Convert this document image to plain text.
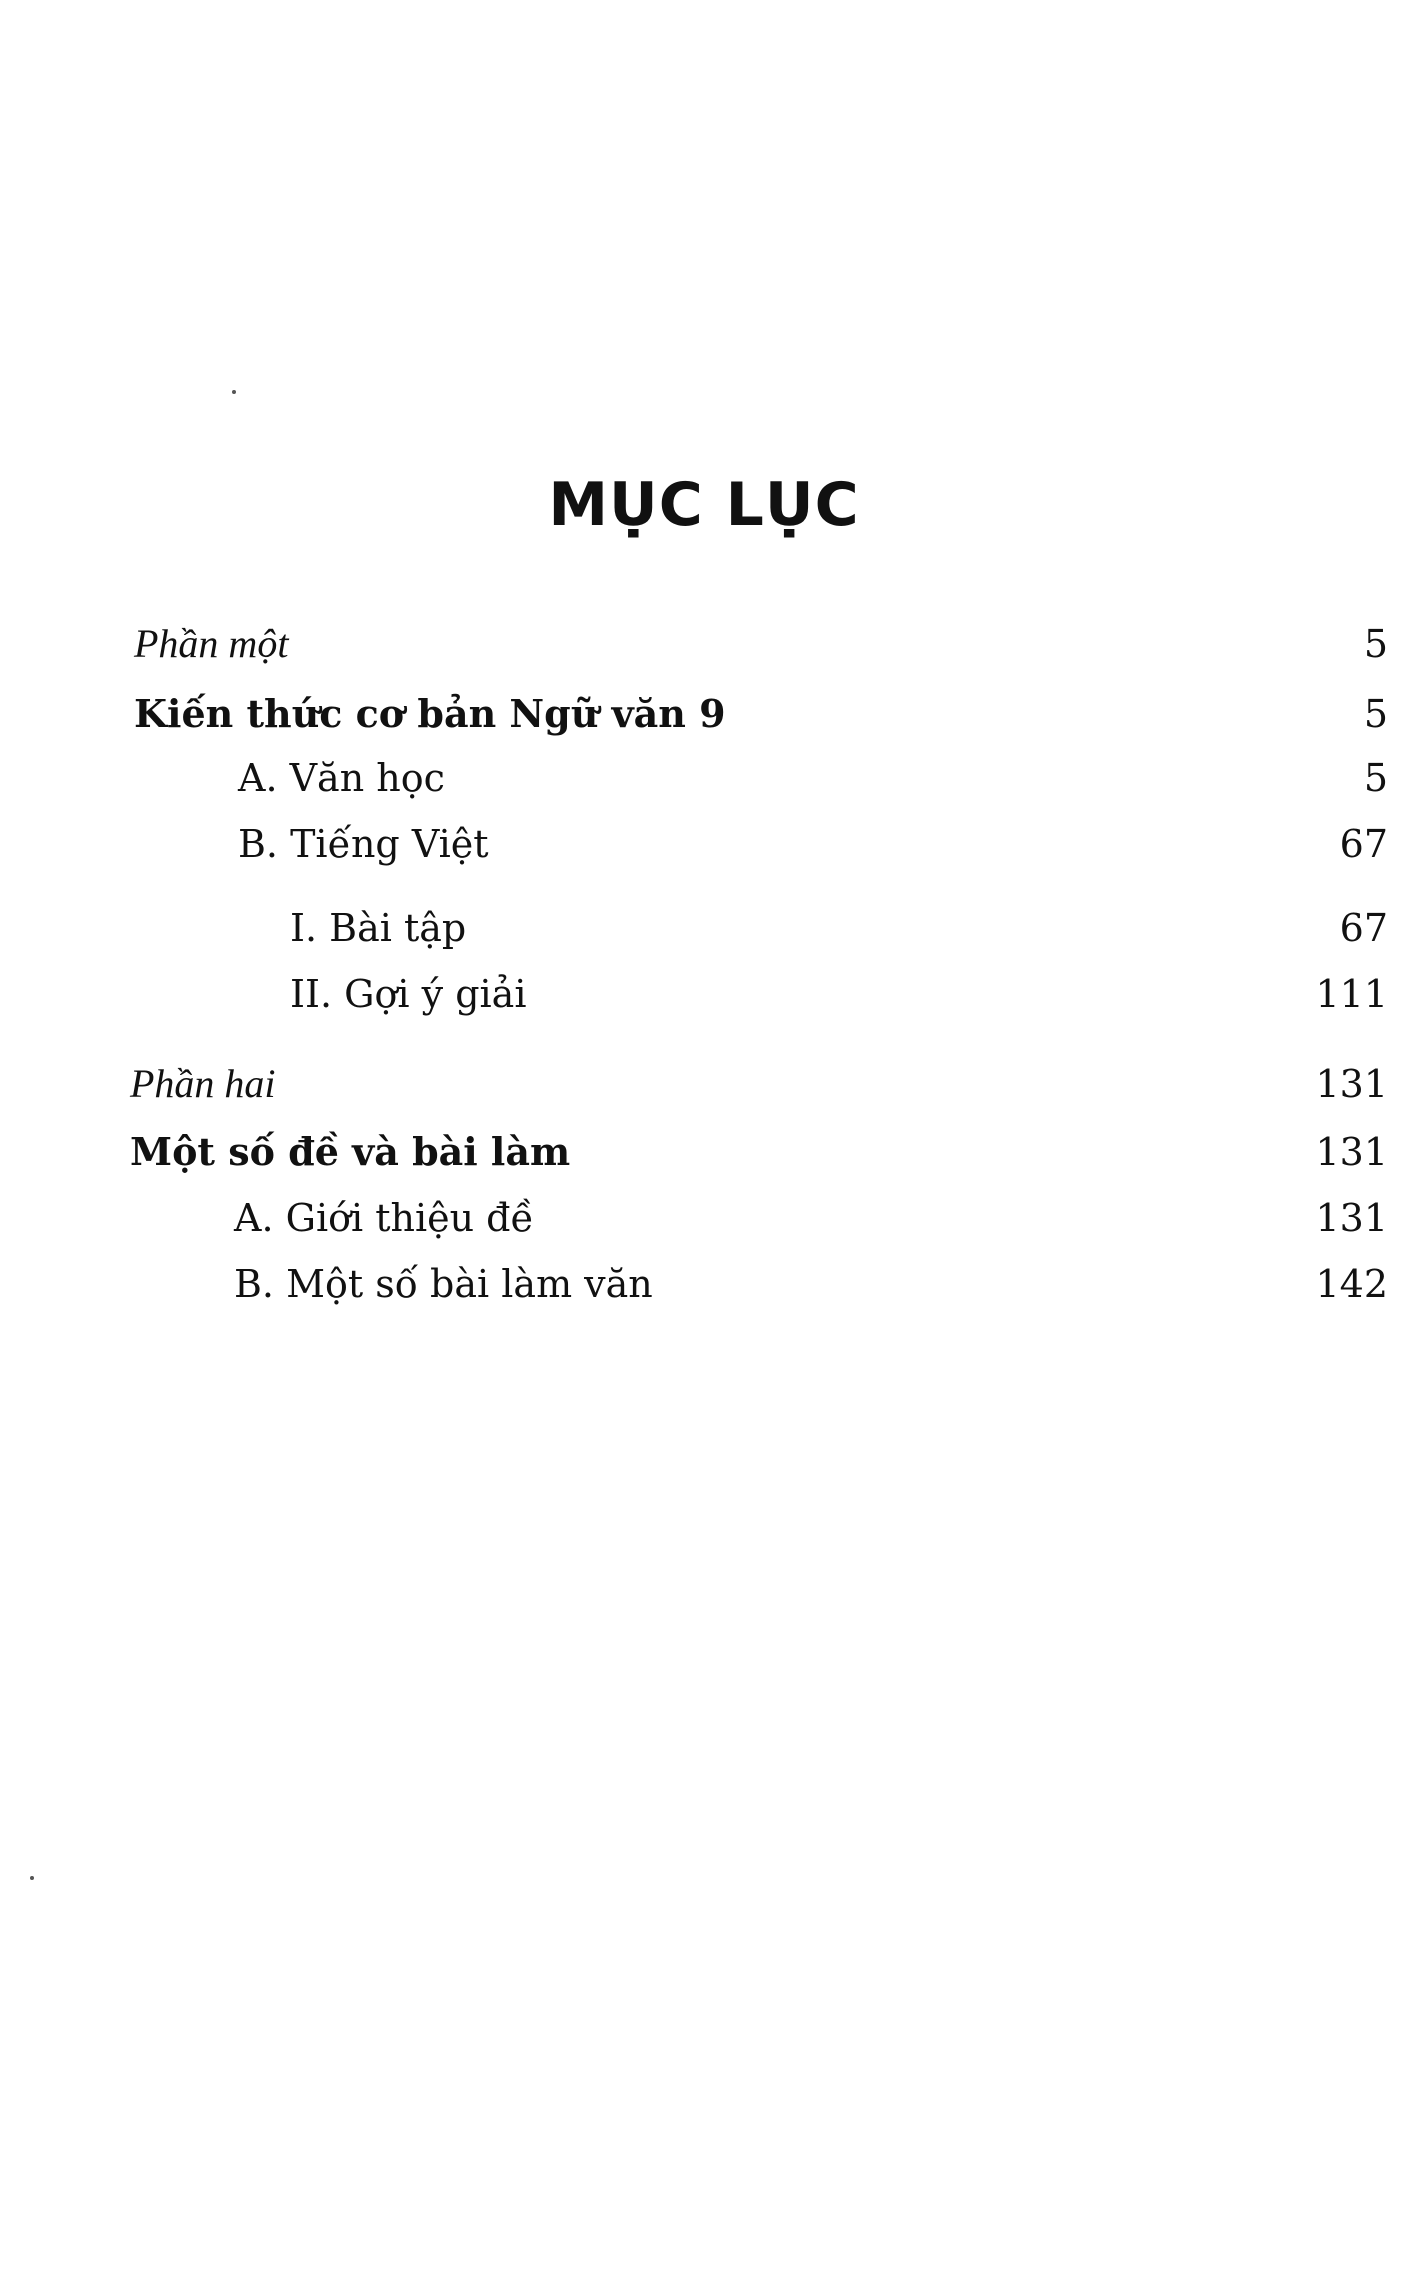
MỤC LỤC
Phần một	5
Kiến thức cơ bản Ngữ văn 9	5
A. Văn học	5
B. Tiếng Việt	67
I. Bài tập	67
II. Gợi ý giải	111
Phần hai	131
Một số đề và bài làm	131
A. Giới thiệu đề	131
B. Một số bài làm văn	142
